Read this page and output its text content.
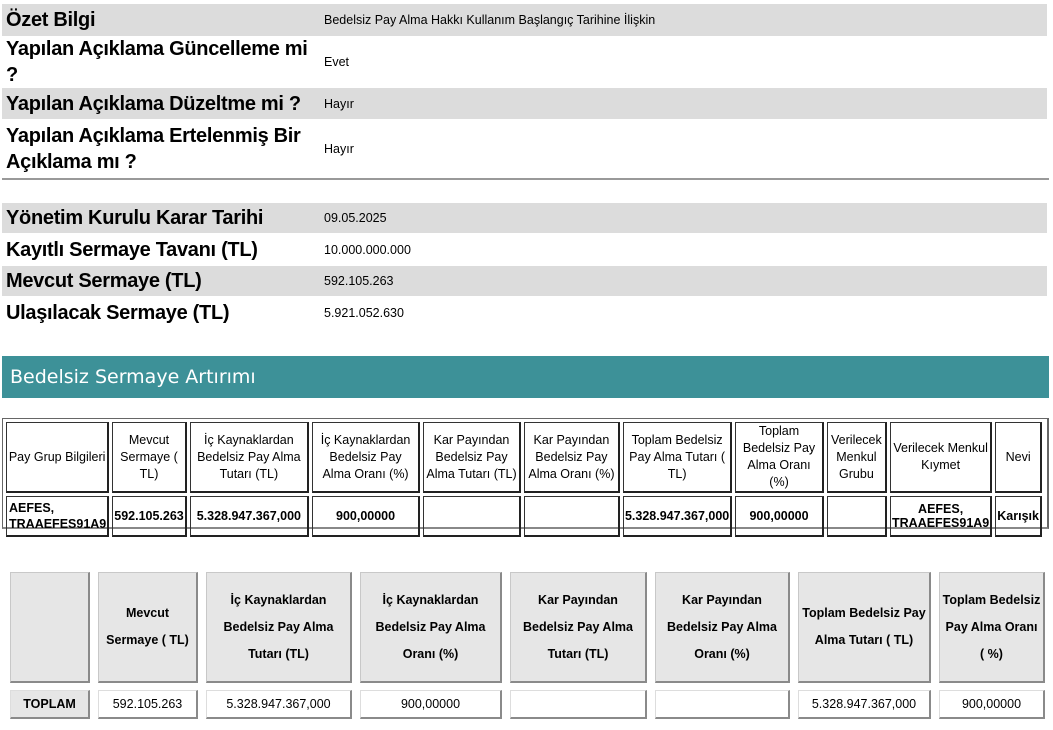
Özet Bilgi	Bedelsiz Pay Alma Hakkı Kullanım Başlangıç Tarihine İlişkin
Yapılan Açıklama Güncelleme mi ?	Evet
Yapılan Açıklama Düzeltme mi ?	Hayır
Yapılan Açıklama Ertelenmiş Bir Açıklama mı ?	Hayır
Yönetim Kurulu Karar Tarihi	09.05.2025
Kayıtlı Sermaye Tavanı (TL)	10.000.000.000
Mevcut Sermaye (TL)	592.105.263
Ulaşılacak Sermaye (TL)	5.921.052.630
Bedelsiz Sermaye Artırımı
Pay Grup Bilgileri	Mevcut Sermaye ( TL)	İç Kaynaklardan Bedelsiz Pay Alma Tutarı (TL)	İç Kaynaklardan Bedelsiz Pay Alma Oranı (%)	Kar Payından Bedelsiz Pay Alma Tutarı (TL)	Kar Payından Bedelsiz Pay Alma Oranı (%)	Toplam Bedelsiz Pay Alma Tutarı ( TL)	Toplam Bedelsiz Pay Alma Oranı (%)	Verilecek Menkul Grubu	Verilecek Menkul Kıymet	Nevi
AEFES, TRAAEFES91A9	592.105.263	5.328.947.367,000	900,00000			5.328.947.367,000	900,00000		AEFES, TRAAEFES91A9	Karışık
	Mevcut Sermaye ( TL)	İç Kaynaklardan Bedelsiz Pay Alma Tutarı (TL)	İç Kaynaklardan Bedelsiz Pay Alma Oranı (%)	Kar Payından Bedelsiz Pay Alma Tutarı (TL)	Kar Payından Bedelsiz Pay Alma Oranı (%)	Toplam Bedelsiz Pay Alma Tutarı ( TL)	Toplam Bedelsiz Pay Alma Oranı ( %)

TOPLAM	592.105.263	5.328.947.367,000	900,00000			5.328.947.367,000	900,00000
